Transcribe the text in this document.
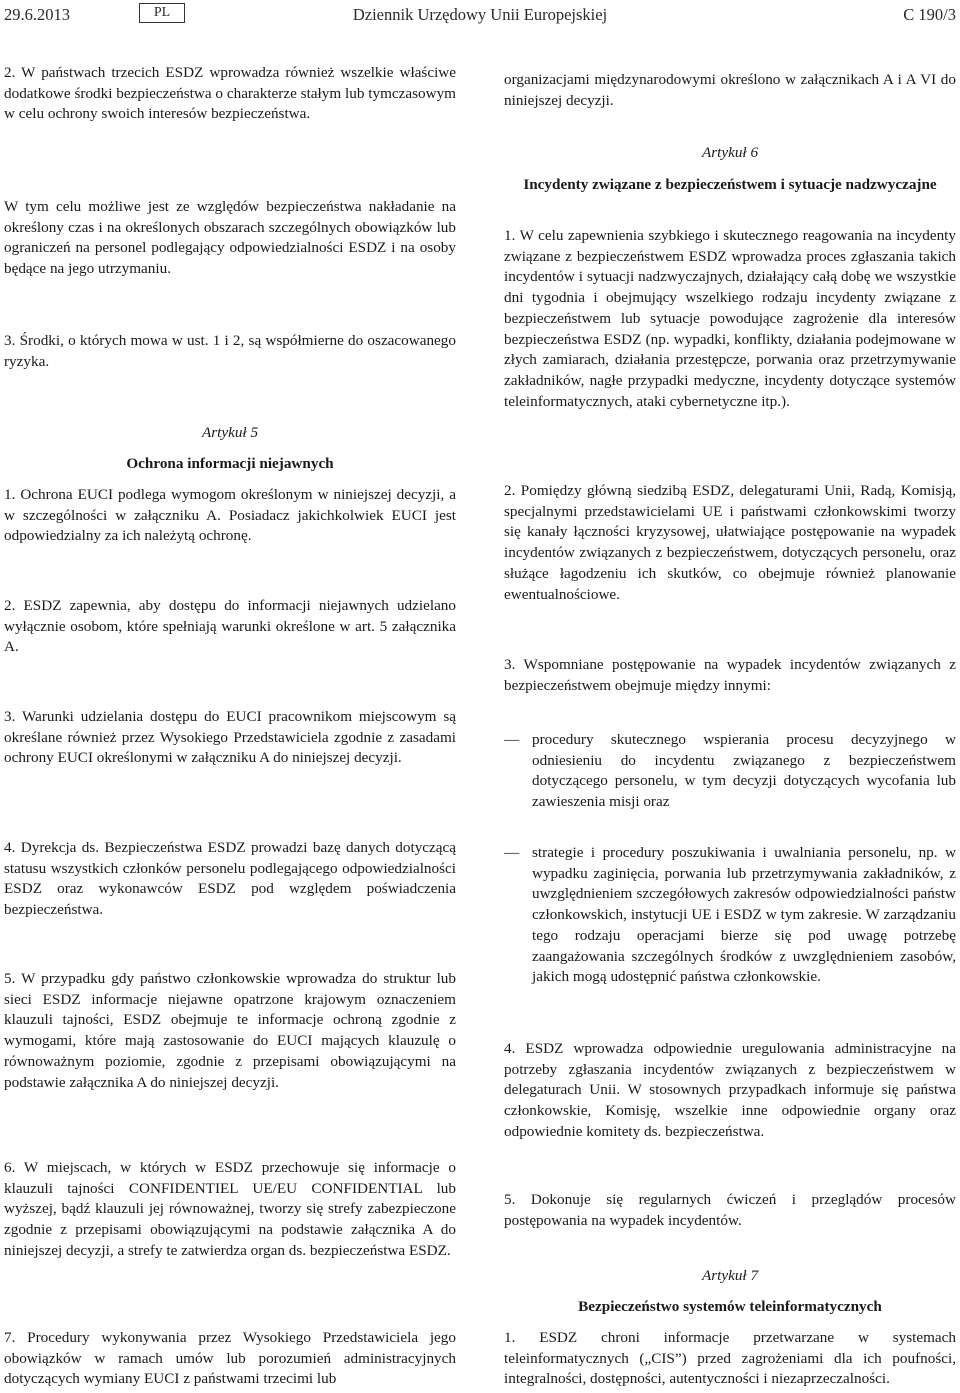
29.6.2013	PL	Dziennik Urzędowy Unii Europejskiej	C 190/3

2. W państwach trzecich ESDZ wprowadza również wszelkie właściwe dodatkowe środki bezpieczeństwa o charakterze stałym lub tymczasowym w celu ochrony swoich interesów bezpieczeństwa.

W tym celu możliwe jest ze względów bezpieczeństwa nakładanie na określony czas i na określonych obszarach szczególnych obowiązków lub ograniczeń na personel podlegający odpowiedzialności ESDZ i na osoby będące na jego utrzymaniu.

3. Środki, o których mowa w ust. 1 i 2, są współmierne do oszacowanego ryzyka.

Artykuł 5

Ochrona informacji niejawnych

1. Ochrona EUCI podlega wymogom określonym w niniejszej decyzji, a w szczególności w załączniku A. Posiadacz jakichkolwiek EUCI jest odpowiedzialny za ich należytą ochronę.

2. ESDZ zapewnia, aby dostępu do informacji niejawnych udzielano wyłącznie osobom, które spełniają warunki określone w art. 5 załącznika A.

3. Warunki udzielania dostępu do EUCI pracownikom miejscowym są określane również przez Wysokiego Przedstawiciela zgodnie z zasadami ochrony EUCI określonymi w załączniku A do niniejszej decyzji.

4. Dyrekcja ds. Bezpieczeństwa ESDZ prowadzi bazę danych dotyczącą statusu wszystkich członków personelu podlegającego odpowiedzialności ESDZ oraz wykonawców ESDZ pod względem poświadczenia bezpieczeństwa.

5. W przypadku gdy państwo członkowskie wprowadza do struktur lub sieci ESDZ informacje niejawne opatrzone krajowym oznaczeniem klauzuli tajności, ESDZ obejmuje te informacje ochroną zgodnie z wymogami, które mają zastosowanie do EUCI mających klauzulę o równoważnym poziomie, zgodnie z przepisami obowiązującymi na podstawie załącznika A do niniejszej decyzji.

6. W miejscach, w których w ESDZ przechowuje się informacje o klauzuli tajności CONFIDENTIEL UE/EU CONFIDENTIAL lub wyższej, bądź klauzuli jej równoważnej, tworzy się strefy zabezpieczone zgodnie z przepisami obowiązującymi na podstawie załącznika A do niniejszej decyzji, a strefy te zatwierdza organ ds. bezpieczeństwa ESDZ.

7. Procedury wykonywania przez Wysokiego Przedstawiciela jego obowiązków w ramach umów lub porozumień administracyjnych dotyczących wymiany EUCI z państwami trzecimi lub

organizacjami międzynarodowymi określono w załącznikach A i A VI do niniejszej decyzji.

Artykuł 6

Incydenty związane z bezpieczeństwem i sytuacje nadzwyczajne

1. W celu zapewnienia szybkiego i skutecznego reagowania na incydenty związane z bezpieczeństwem ESDZ wprowadza proces zgłaszania takich incydentów i sytuacji nadzwyczajnych, działający całą dobę we wszystkie dni tygodnia i obejmujący wszelkiego rodzaju incydenty związane z bezpieczeństwem lub sytuacje powodujące zagrożenie dla interesów bezpieczeństwa ESDZ (np. wypadki, konflikty, działania podejmowane w złych zamiarach, działania przestępcze, porwania oraz przetrzymywanie zakładników, nagłe przypadki medyczne, incydenty dotyczące systemów teleinformatycznych, ataki cybernetyczne itp.).

2. Pomiędzy główną siedzibą ESDZ, delegaturami Unii, Radą, Komisją, specjalnymi przedstawicielami UE i państwami członkowskimi tworzy się kanały łączności kryzysowej, ułatwiające postępowanie na wypadek incydentów związanych z bezpieczeństwem, dotyczących personelu, oraz służące łagodzeniu ich skutków, co obejmuje również planowanie ewentualnościowe.

3. Wspomniane postępowanie na wypadek incydentów związanych z bezpieczeństwem obejmuje między innymi:

— procedury skutecznego wspierania procesu decyzyjnego w odniesieniu do incydentu związanego z bezpieczeństwem dotyczącego personelu, w tym decyzji dotyczących wycofania lub zawieszenia misji oraz
— strategie i procedury poszukiwania i uwalniania personelu, np. w wypadku zaginięcia, porwania lub przetrzymywania zakładników, z uwzględnieniem szczegółowych zakresów odpowiedzialności państw członkowskich, instytucji UE i ESDZ w tym zakresie. W zarządzaniu tego rodzaju operacjami bierze się pod uwagę potrzebę zaangażowania szczególnych środków z uwzględnieniem zasobów, jakich mogą udostępnić państwa członkowskie.

4. ESDZ wprowadza odpowiednie uregulowania administracyjne na potrzeby zgłaszania incydentów związanych z bezpieczeństwem w delegaturach Unii. W stosownych przypadkach informuje się państwa członkowskie, Komisję, wszelkie inne odpowiednie organy oraz odpowiednie komitety ds. bezpieczeństwa.

5. Dokonuje się regularnych ćwiczeń i przeglądów procesów postępowania na wypadek incydentów.

Artykuł 7

Bezpieczeństwo systemów teleinformatycznych

1. ESDZ chroni informacje przetwarzane w systemach teleinformatycznych („CIS”) przed zagrożeniami dla ich poufności, integralności, dostępności, autentyczności i niezaprzeczalności.
